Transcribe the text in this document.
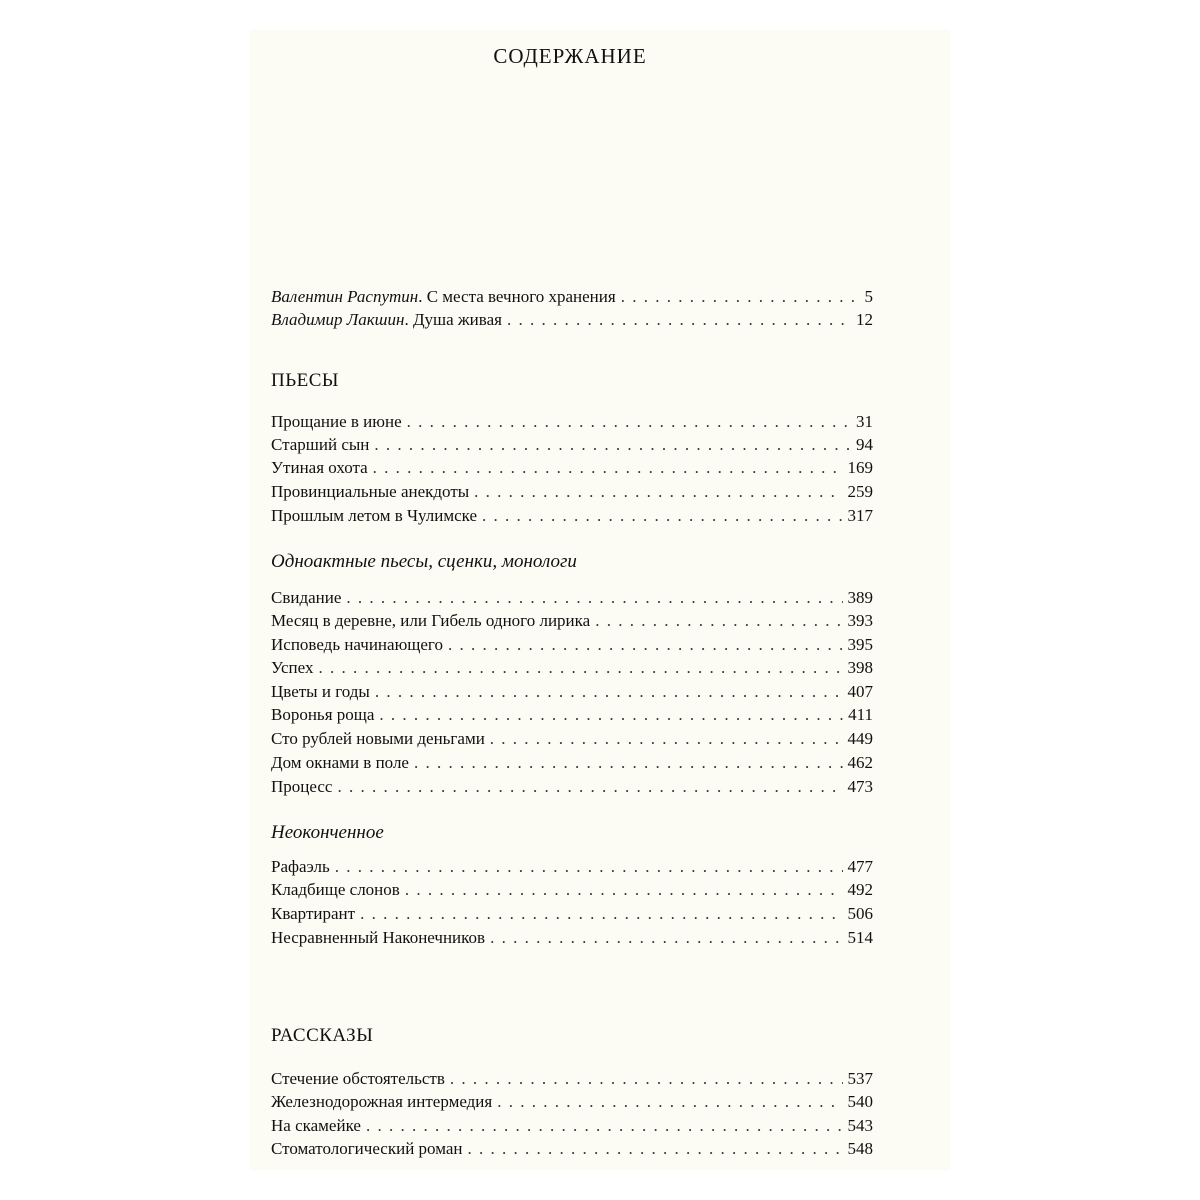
СОДЕРЖАНИЕ
Валентин Распутин . С места вечного хранения . . .	5
Владимир Лакшин . Душа живая . . .	12
ПЬЕСЫ
Прощание в июне . . .	31
Старший сын . . .	94
Утиная охота . . .	169
Провинциальные анекдоты . . .	259
Прошлым летом в Чулимске . . .	317
Одноактные пьесы, сценки, монологи
Свидание . . .	389
Месяц в деревне, или Гибель одного лирика . . .	393
Исповедь начинающего . . .	395
Успех . . .	398
Цветы и годы . . .	407
Воронья роща . . .	411
Сто рублей новыми деньгами . . .	449
Дом окнами в поле . . .	462
Процесс . . .	473
Неоконченное
Рафаэль . . .	477
Кладбище слонов . . .	492
Квартирант . . .	506
Несравненный Наконечников . . .	514
РАССКАЗЫ
Стечение обстоятельств . . .	537
Железнодорожная интермедия . . .	540
На скамейке . . .	543
Стоматологический роман . . .	548
